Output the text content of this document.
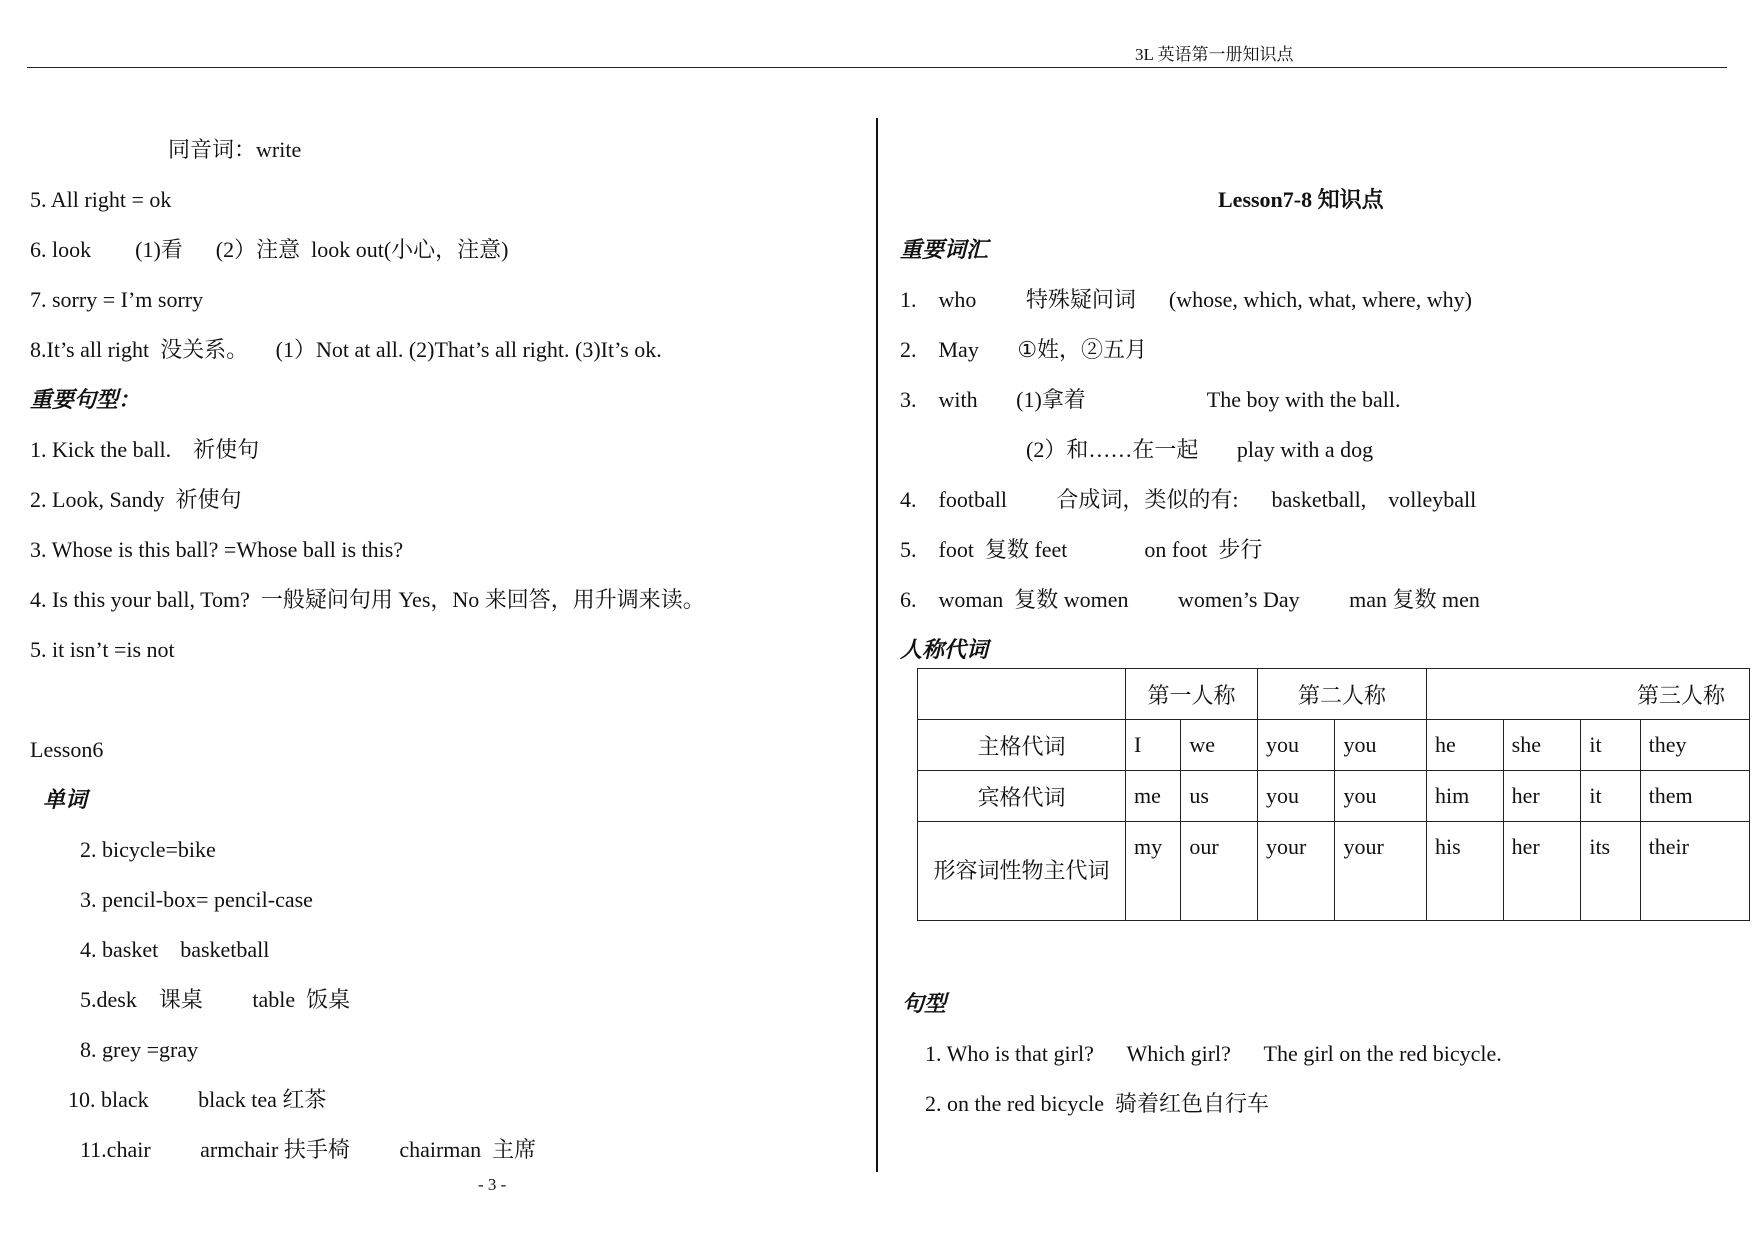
3L 英语第一册知识点
同音词：write
5. All right = ok
6. look        (1)看      (2）注意  look out(小心，注意)
7. sorry = I’m sorry
8.It’s all right  没关系。     (1）Not at all. (2)That’s all right. (3)It’s ok.
重要句型：
1. Kick the ball.    祈使句
2. Look, Sandy  祈使句
3. Whose is this ball? =Whose ball is this?
4. Is this your ball, Tom?  一般疑问句用 Yes，No 来回答，用升调来读。
5. it isn’t =is not
Lesson6
单词
2. bicycle=bike
3. pencil-box= pencil-case
4. basket    basketball
5.desk    课桌         table  饭桌
8. grey =gray
10. black         black tea 红茶
11.chair         armchair 扶手椅         chairman  主席
- 3 -
Lesson7-8 知识点
重要词汇
1.    who         特殊疑问词      (whose, which, what, where, why)
2.    May       ①姓，②五月
3.    with       (1)拿着                      The boy with the ball.
(2）和……在一起       play with a dog
4.    football         合成词，类似的有:      basketball,    volleyball
5.    foot  复数 feet              on foot  步行
6.    woman  复数 women         women’s Day         man 复数 men
人称代词
	第一人称		第二人称		第三人称			
主格代词	I	we	you	you	he	she	it	they
宾格代词	me	us	you	you	him	her	it	them
形容词性物主代词	my	our	your	your	his	her	its	their
句型
1. Who is that girl?      Which girl?      The girl on the red bicycle.
2. on the red bicycle  骑着红色自行车
